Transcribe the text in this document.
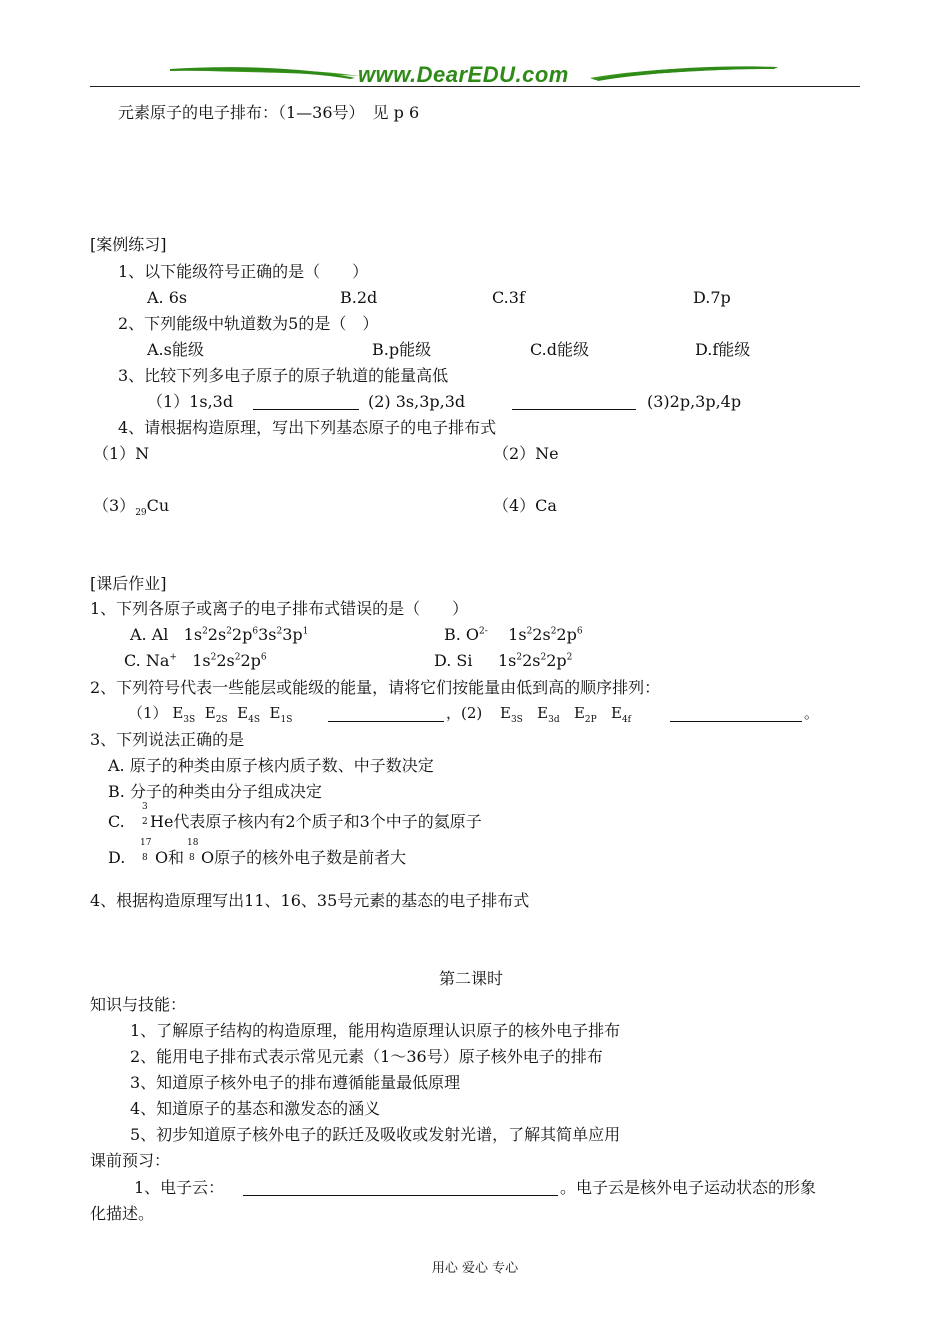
www.DearEDU.com
元素原子的电子排布：（1—36号）　见 p 6
[案例练习]
1、以下能级符号正确的是（　　）
A. 6s	B.2d	C.3f	D.7p
2、下列能级中轨道数为5的是（　）
A.s能级	B.p能级	C.d能级	D.f能级
3、比较下列多电子原子的原子轨道的能量高低
（1）1s,3d	(2) 3s,3p,3d	(3)2p,3p,4p
4、请根据构造原理，写出下列基态原子的电子排布式
（1）N	（2）Ne
$(3)_{29}Cu$	（4）Ca
[课后作业]
1、下列各原子或离子的电子排布式错误的是（　　）
A. Al $1s^22s^22p^63s^23p^1$	B. $O^{2-}$ $1s^22s^22p^6$
C. Na+ $1s^22s^22p^6$	D. Si $1s^22s^22p^2$
2、下列符号代表一些能层或能级的能量，请将它们按能量由低到高的顺序排列：
（1） $E_{3S}$ $E_{2S}$ $E_{4S}$ $E_{1S}$	，(2) $E_{3S}$ $E_{3d}$ $E_{2P}$ $E_{4f}$	。
3、下列说法正确的是
A. 原子的种类由原子核内质子数、中子数决定
B. 分子的种类由分子组成决定
C.
3
2 He代表原子核内有2个质子和3个中子的氦原子
D.
17
8 O 和
18
8 O原子的核外电子数是前者大
4、根据构造原理写出11、16、35号元素的基态的电子排布式
第二课时
知识与技能：
1、了解原子结构的构造原理，能用构造原理认识原子的核外电子排布
2、能用电子排布式表示常见元素（1～36号）原子核外电子的排布
3、知道原子核外电子的排布遵循能量最低原理
4、知道原子的基态和激发态的涵义
5、初步知道原子核外电子的跃迁及吸收或发射光谱，了解其简单应用
课前预习：
1、电子云：	。电子云是核外电子运动状态的形象
化描述。
用心 爱心 专心
